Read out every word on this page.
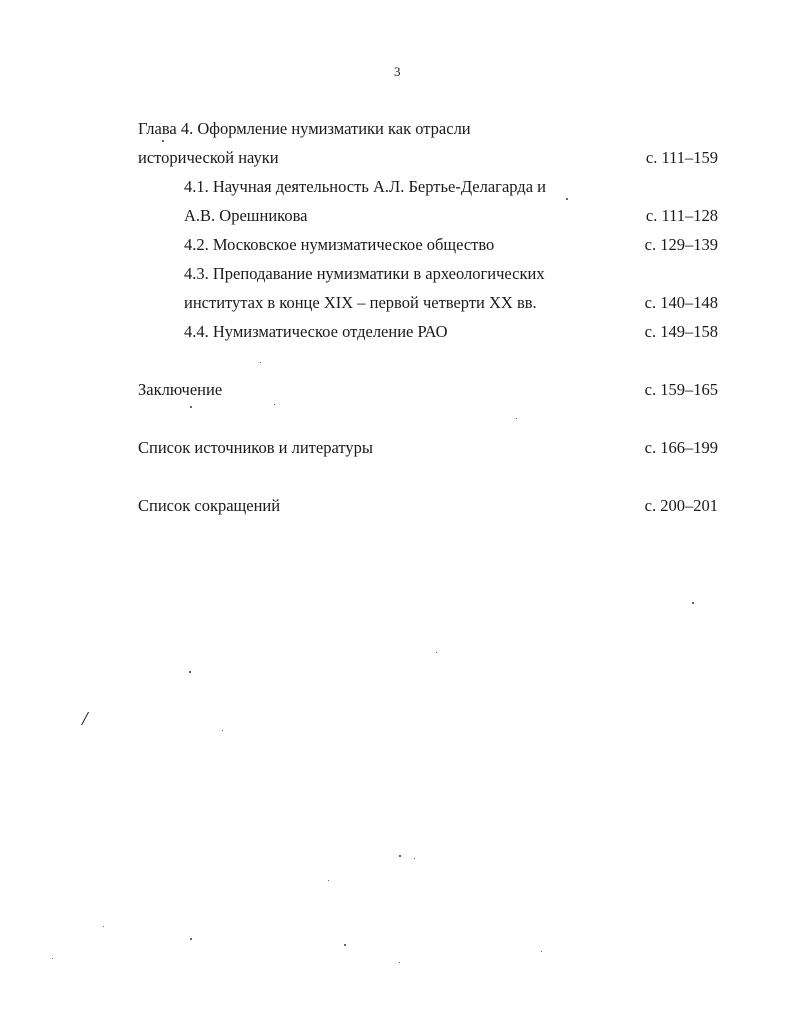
3
Глава 4. Оформление нумизматики как отрасли
исторической науки	с. 111–159
4.1. Научная деятельность А.Л. Бертье-Делагарда и
А.В. Орешникова	с. 111–128
4.2. Московское нумизматическое общество	с. 129–139
4.3. Преподавание нумизматики в археологических
институтах в конце XIX – первой четверти XX вв.	с. 140–148
4.4. Нумизматическое отделение РАО	с. 149–158
Заключение	с. 159–165
Список источников и литературы	с. 166–199
Список сокращений	с. 200–201
/
